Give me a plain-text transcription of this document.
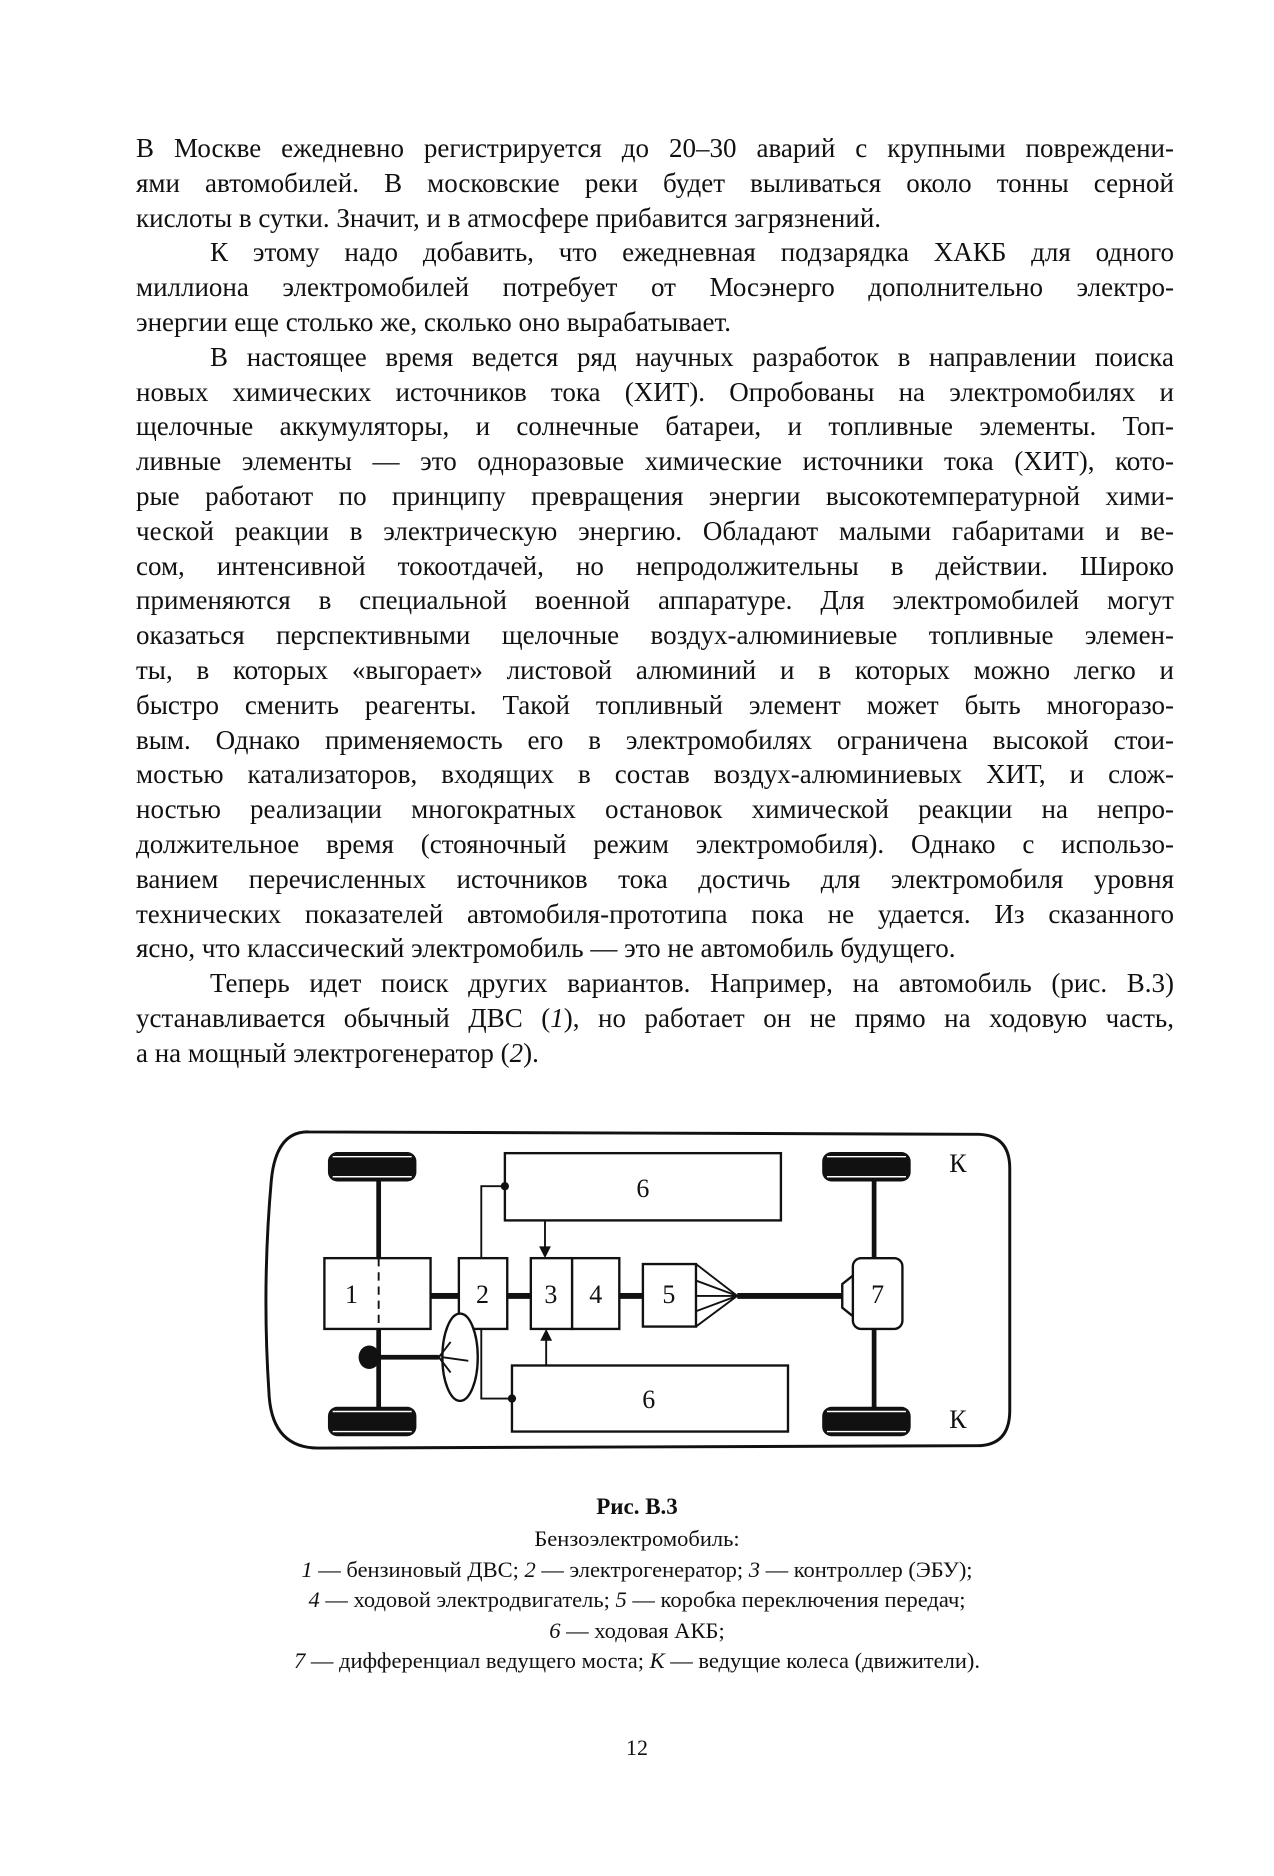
В Москве ежедневно регистрируется до 20–30 аварий с крупными повреждени-
ями автомобилей. В московские реки будет выливаться около тонны серной
кислоты в сутки. Значит, и в атмосфере прибавится загрязнений.
К этому надо добавить, что ежедневная подзарядка ХАКБ для одного
миллиона электромобилей потребует от Мосэнерго дополнительно электро-
энергии еще столько же, сколько оно вырабатывает.
В настоящее время ведется ряд научных разработок в направлении поиска
новых химических источников тока (ХИТ). Опробованы на электромобилях и
щелочные аккумуляторы, и солнечные батареи, и топливные элементы. Топ-
ливные элементы — это одноразовые химические источники тока (ХИТ), кото-
рые работают по принципу превращения энергии высокотемпературной хими-
ческой реакции в электрическую энергию. Обладают малыми габаритами и ве-
сом, интенсивной токоотдачей, но непродолжительны в действии. Широко
применяются в специальной военной аппаратуре. Для электромобилей могут
оказаться перспективными щелочные воздух-алюминиевые топливные элемен-
ты, в которых «выгорает» листовой алюминий и в которых можно легко и
быстро сменить реагенты. Такой топливный элемент может быть многоразо-
вым. Однако применяемость его в электромобилях ограничена высокой стои-
мостью катализаторов, входящих в состав воздух-алюминиевых ХИТ, и слож-
ностью реализации многократных остановок химической реакции на непро-
должительное время (стояночный режим электромобиля). Однако с использо-
ванием перечисленных источников тока достичь для электромобиля уровня
технических показателей автомобиля-прототипа пока не удается. Из сказанного
ясно, что классический электромобиль — это не автомобиль будущего.
Теперь идет поиск других вариантов. Например, на автомобиль (рис. В.3)
устанавливается обычный ДВС (1), но работает он не прямо на ходовую часть,
а на мощный электрогенератор (2).
1	2	3 4	5
6
6
7
К
К
Рис. В.3
Бензоэлектромобиль:
1 — бензиновый ДВС; 2 — электрогенератор; 3 — контроллер (ЭБУ);
4 — ходовой электродвигатель; 5 — коробка переключения передач;
6 — ходовая АКБ;
7 — дифференциал ведущего моста; К — ведущие колеса (движители).
12
